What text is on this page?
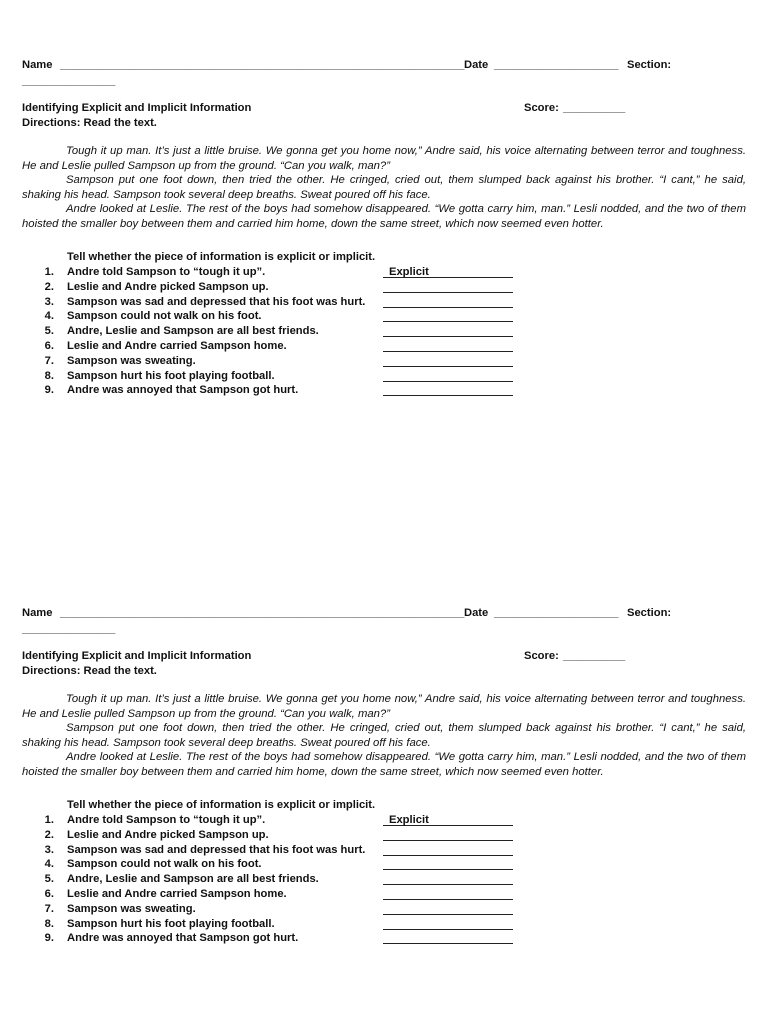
Name _________________________________________________________________ Date ____________________ Section:
_______________
Identifying Explicit and Implicit Information	Score: __________
Directions: Read the text.

Tough it up man. It’s just a little bruise. We gonna get you home now,” Andre said, his voice alternating between terror and toughness. He and Leslie pulled Sampson up from the ground. “Can you walk, man?”

Sampson put one foot down, then tried the other. He cringed, cried out, them slumped back against his brother. “I cant,” he said, shaking his head. Sampson took several deep breaths. Sweat poured off his face.

Andre looked at Leslie. The rest of the boys had somehow disappeared. “We gotta carry him, man.” Lesli nodded, and the two of them hoisted the smaller boy between them and carried him home, down the same street, which now seemed even hotter.

Tell whether the piece of information is explicit or implicit.
1. Andre told Sampson to “tough it up”.	Explicit
2. Leslie and Andre picked Sampson up.
3. Sampson was sad and depressed that his foot was hurt.
4. Sampson could not walk on his foot.
5. Andre, Leslie and Sampson are all best friends.
6. Leslie and Andre carried Sampson home.
7. Sampson was sweating.
8. Sampson hurt his foot playing football.
9. Andre was annoyed that Sampson got hurt.
Name _________________________________________________________________ Date ____________________ Section:
_______________
Identifying Explicit and Implicit Information	Score: __________
Directions: Read the text.

Tough it up man. It’s just a little bruise. We gonna get you home now,” Andre said, his voice alternating between terror and toughness. He and Leslie pulled Sampson up from the ground. “Can you walk, man?”

Sampson put one foot down, then tried the other. He cringed, cried out, them slumped back against his brother. “I cant,” he said, shaking his head. Sampson took several deep breaths. Sweat poured off his face.

Andre looked at Leslie. The rest of the boys had somehow disappeared. “We gotta carry him, man.” Lesli nodded, and the two of them hoisted the smaller boy between them and carried him home, down the same street, which now seemed even hotter.

Tell whether the piece of information is explicit or implicit.
1. Andre told Sampson to “tough it up”.	Explicit
2. Leslie and Andre picked Sampson up.
3. Sampson was sad and depressed that his foot was hurt.
4. Sampson could not walk on his foot.
5. Andre, Leslie and Sampson are all best friends.
6. Leslie and Andre carried Sampson home.
7. Sampson was sweating.
8. Sampson hurt his foot playing football.
9. Andre was annoyed that Sampson got hurt.
